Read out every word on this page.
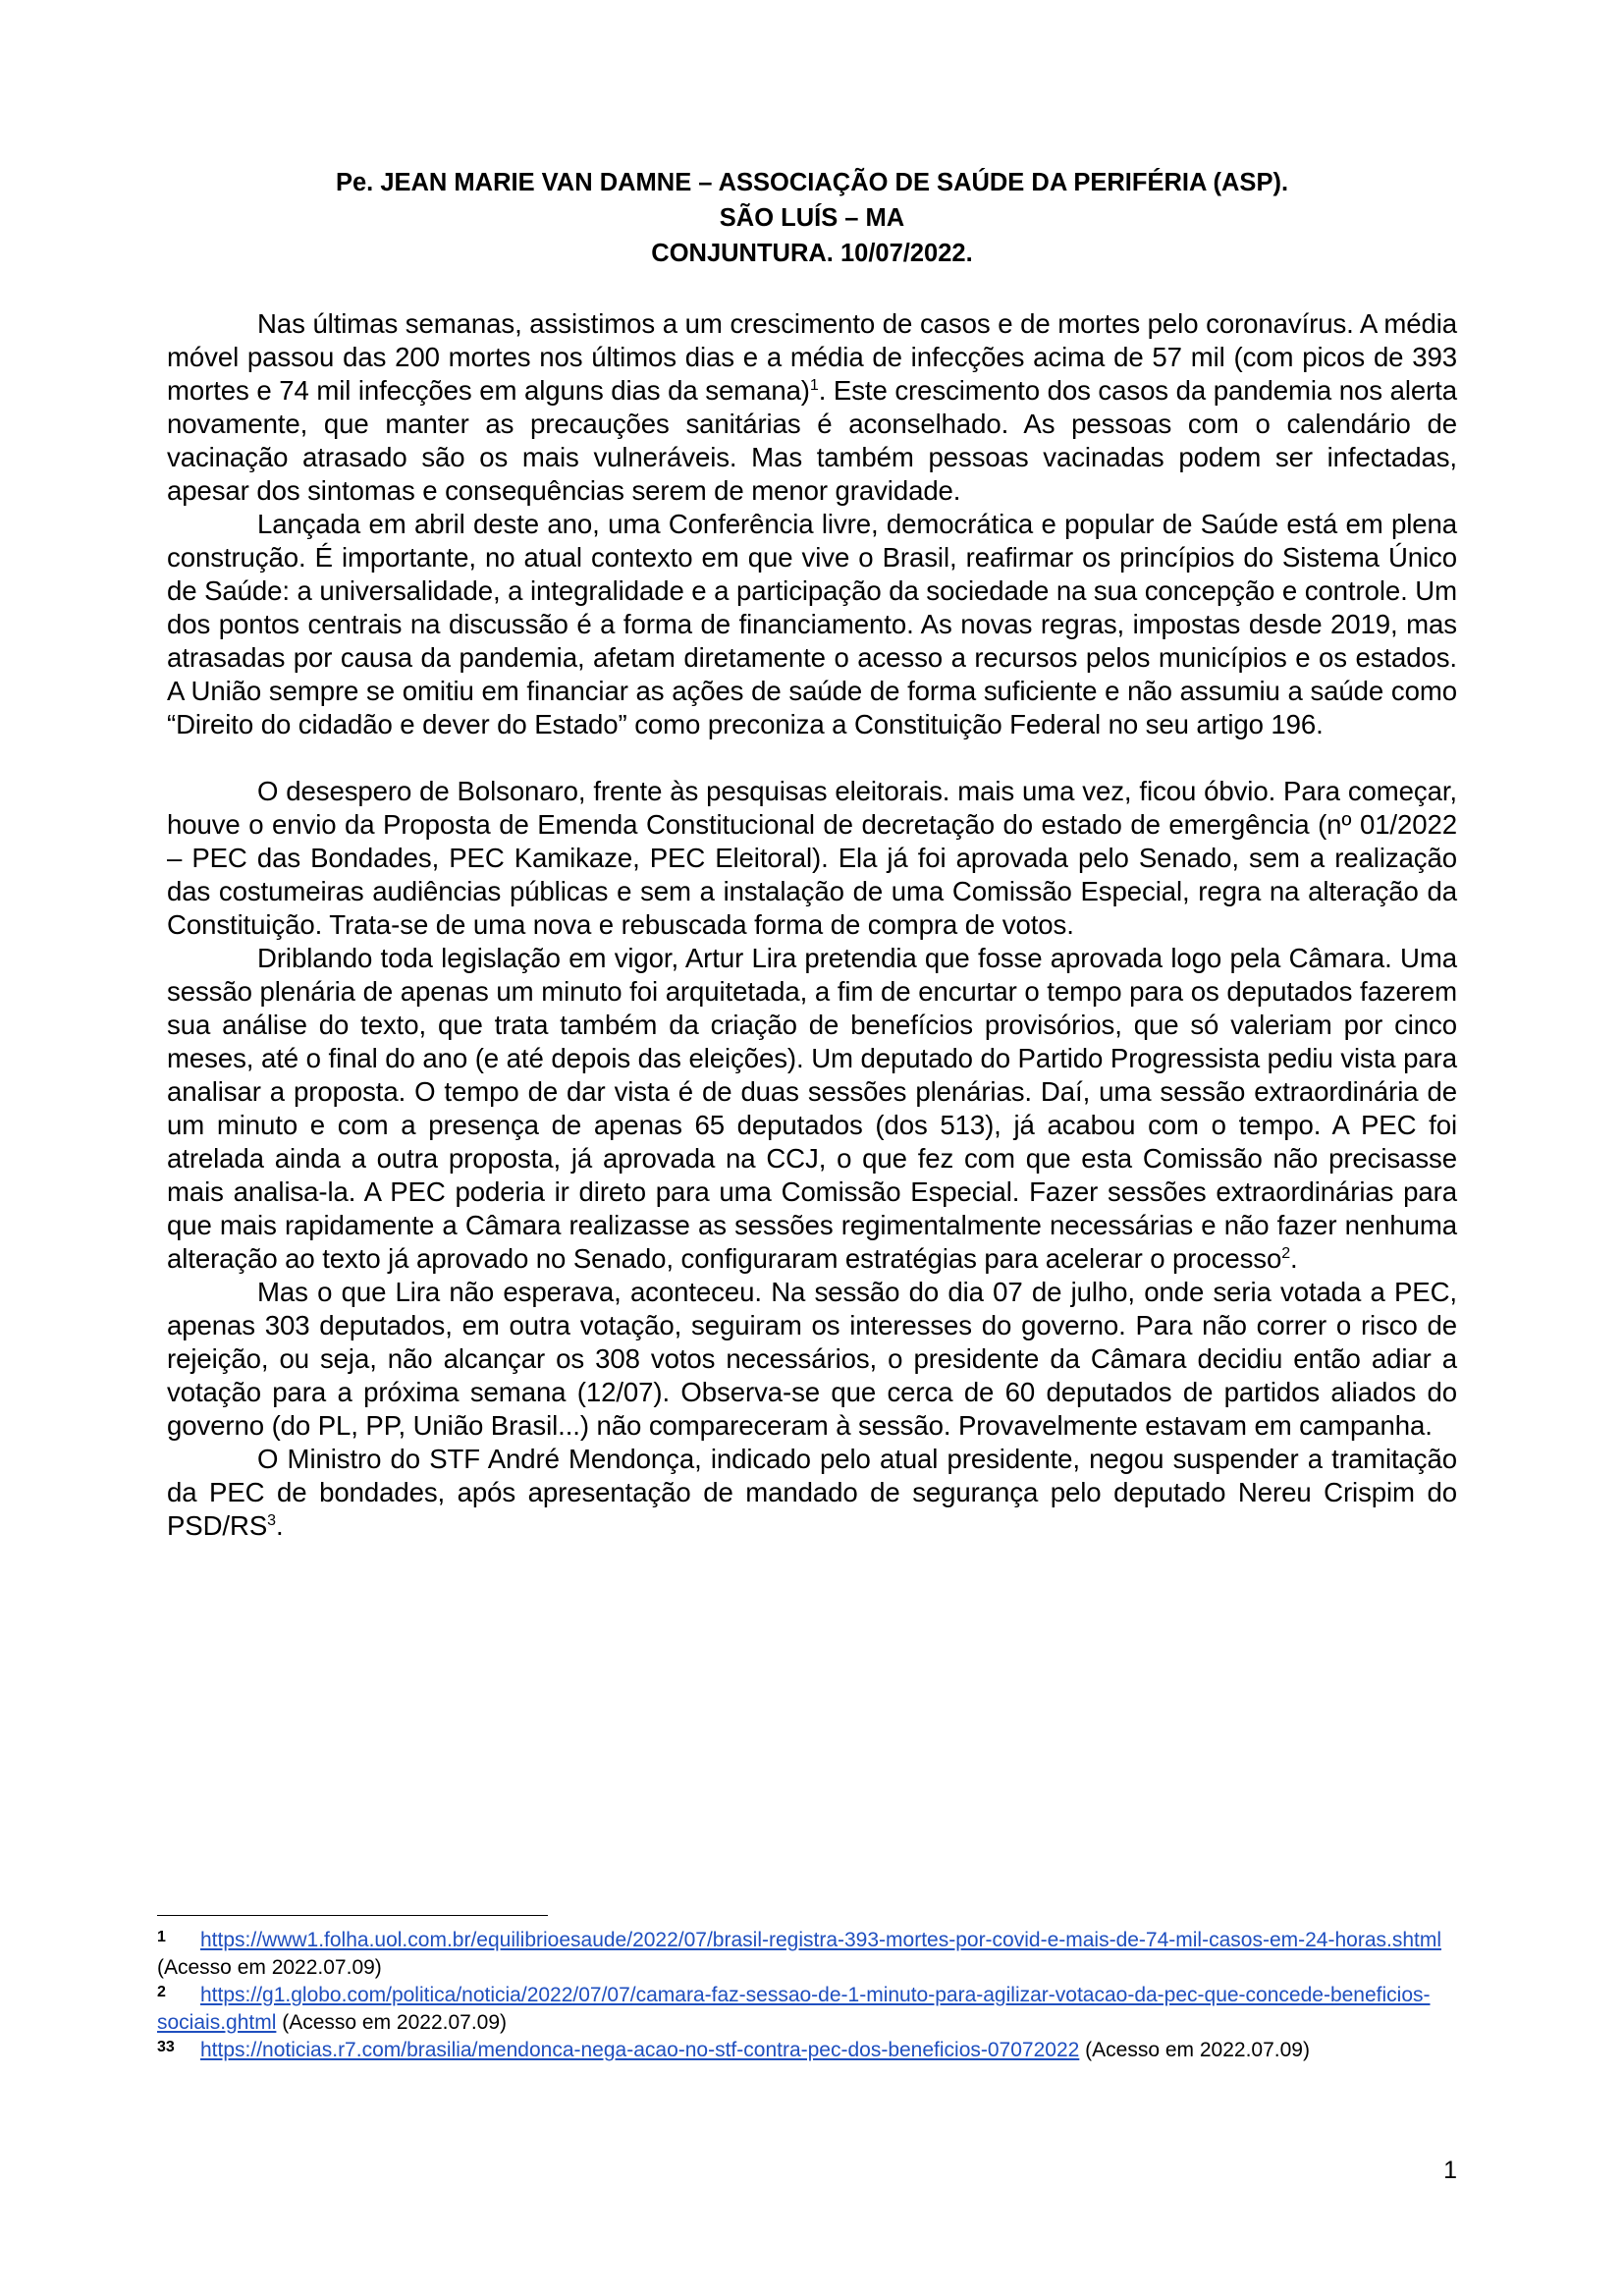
Pe. JEAN MARIE VAN DAMNE – ASSOCIAÇÃO DE SAÚDE DA PERIFÉRIA (ASP).
SÃO LUÍS – MA
CONJUNTURA. 10/07/2022.

Nas últimas semanas, assistimos a um crescimento de casos e de mortes pelo coronavírus. A média móvel passou das 200 mortes nos últimos dias e a média de infecções acima de 57 mil (com picos de 393 mortes e 74 mil infecções em alguns dias da semana)$^1$. Este crescimento dos casos da pandemia nos alerta novamente, que manter as precauções sanitárias é aconselhado. As pessoas com o calendário de vacinação atrasado são os mais vulneráveis. Mas também pessoas vacinadas podem ser infectadas, apesar dos sintomas e consequências serem de menor gravidade.

Lançada em abril deste ano, uma Conferência livre, democrática e popular de Saúde está em plena construção. É importante, no atual contexto em que vive o Brasil, reafirmar os princípios do Sistema Único de Saúde: a universalidade, a integralidade e a participação da sociedade na sua concepção e controle. Um dos pontos centrais na discussão é a forma de financiamento. As novas regras, impostas desde 2019, mas atrasadas por causa da pandemia, afetam diretamente o acesso a recursos pelos municípios e os estados. A União sempre se omitiu em financiar as ações de saúde de forma suficiente e não assumiu a saúde como “Direito do cidadão e dever do Estado” como preconiza a Constituição Federal no seu artigo 196.

O desespero de Bolsonaro, frente às pesquisas eleitorais. mais uma vez, ficou óbvio. Para começar, houve o envio da Proposta de Emenda Constitucional de decretação do estado de emergência (nº 01/2022 – PEC das Bondades, PEC Kamikaze, PEC Eleitoral). Ela já foi aprovada pelo Senado, sem a realização das costumeiras audiências públicas e sem a instalação de uma Comissão Especial, regra na alteração da Constituição. Trata-se de uma nova e rebuscada forma de compra de votos.

Driblando toda legislação em vigor, Artur Lira pretendia que fosse aprovada logo pela Câmara. Uma sessão plenária de apenas um minuto foi arquitetada, a fim de encurtar o tempo para os deputados fazerem sua análise do texto, que trata também da criação de benefícios provisórios, que só valeriam por cinco meses, até o final do ano (e até depois das eleições). Um deputado do Partido Progressista pediu vista para analisar a proposta. O tempo de dar vista é de duas sessões plenárias. Daí, uma sessão extraordinária de um minuto e com a presença de apenas 65 deputados (dos 513), já acabou com o tempo. A PEC foi atrelada ainda a outra proposta, já aprovada na CCJ, o que fez com que esta Comissão não precisasse mais analisa-la. A PEC poderia ir direto para uma Comissão Especial. Fazer sessões extraordinárias para que mais rapidamente a Câmara realizasse as sessões regimentalmente necessárias e não fazer nenhuma alteração ao texto já aprovado no Senado, configuraram estratégias para acelerar o processo$^2$.

Mas o que Lira não esperava, aconteceu. Na sessão do dia 07 de julho, onde seria votada a PEC, apenas 303 deputados, em outra votação, seguiram os interesses do governo. Para não correr o risco de rejeição, ou seja, não alcançar os 308 votos necessários, o presidente da Câmara decidiu então adiar a votação para a próxima semana (12/07). Observa-se que cerca de 60 deputados de partidos aliados do governo (do PL, PP, União Brasil...) não compareceram à sessão. Provavelmente estavam em campanha.

O Ministro do STF André Mendonça, indicado pelo atual presidente, negou suspender a tramitação da PEC de bondades, após apresentação de mandado de segurança pelo deputado Nereu Crispim do PSD/$RS^3$.

1 https://www1.folha.uol.com.br/equilibrioesaude/2022/07/brasil-registra-393-mortes-por-covid-e-mais-de-74-mil-casos-em-24-horas.shtml (Acesso em 2022.07.09)

2 https://g1.globo.com/politica/noticia/2022/07/07/camara-faz-sessao-de-1-minuto-para-agilizar-votacao-da-pec-que-concede-beneficios-sociais.ghtml (Acesso em 2022.07.09)

33 https://noticias.r7.com/brasilia/mendonca-nega-acao-no-stf-contra-pec-dos-beneficios-07072022 (Acesso em 2022.07.09)

1
